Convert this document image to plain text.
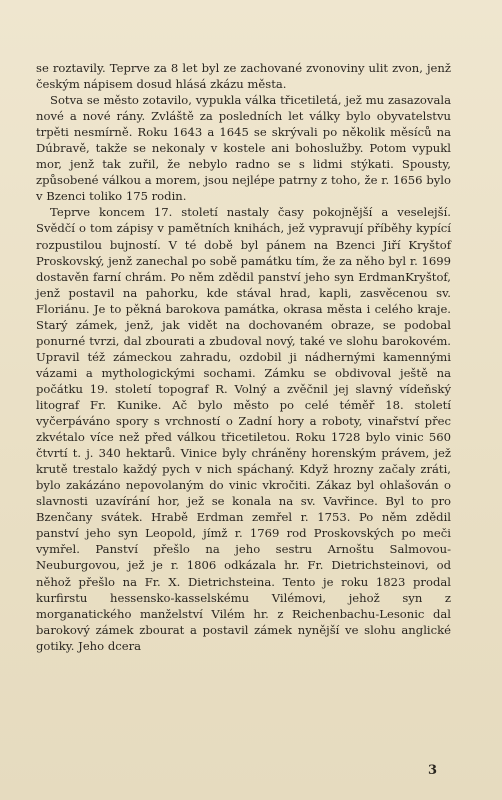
se roztavily. Teprve za 8 let byl ze zachované zvonoviny ulit zvon, jenž českým nápisem dosud hlásá zkázu města.

Sotva se město zotavilo, vypukla válka třicetiletá, jež mu zasazovala nové a nové rány. Zvláště za posledních let války bylo obyvatelstvu trpěti nesmírně. Roku 1643 a 1645 se skrývali po několik měsíců na Dúbravě, takže se nekonaly v kostele ani bohoslužby. Potom vypukl mor, jenž tak zuřil, že nebylo radno se s lidmi stýkati. Spousty, způsobené válkou a morem, jsou nejlépe patrny z toho, že r. 1656 bylo v Bzenci toliko 175 rodin.

Teprve koncem 17. století nastaly časy pokojnější a veselejší. Svědčí o tom zápisy v pamětních knihách, jež vypravují příběhy kypící rozpustilou bujností. V té době byl pánem na Bzenci Jiří Kryštof Proskovský, jenž zanechal po sobě památku tím, že za něho byl r. 1699 dostavěn farní chrám. Po něm zdědil panství jeho syn ErdmanKryštof, jenž postavil na pahorku, kde stával hrad, kapli, zasvěcenou sv. Floriánu. Je to pěkná barokova památka, okrasa města i celého kraje. Starý zámek, jenž, jak vidět na dochovaném obraze, se podobal ponurné tvrzi, dal zbourati a zbudoval nový, také ve slohu barokovém. Upravil též zámeckou zahradu, ozdobil ji nádhernými kamennými vázami a mythologickými sochami. Zámku se obdivoval ještě na počátku 19. století topograf R. Volný a zvěčnil jej slavný vídeňský litograf Fr. Kunike. Ač bylo město po celé téměř 18. století vyčerpáváno spory s vrchností o Zadní hory a roboty, vinařství přec zkvétalo více než před válkou třicetiletou. Roku 1728 bylo vinic 560 čtvrtí t. j. 340 hektarů. Vinice byly chráněny horenským právem, jež krutě trestalo každý pych v nich spáchaný. Když hrozny začaly zráti, bylo zakázáno nepovolaným do vinic vkročiti. Zákaz byl ohlašován o slavnosti uzavírání hor, jež se konala na sv. Vavřince. Byl to pro Bzenčany svátek. Hrabě Erdman zemřel r. 1753. Po něm zdědil panství jeho syn Leopold, jímž r. 1769 rod Proskovských po meči vymřel. Panství přešlo na jeho sestru Arnoštu Salmovou-Neuburgovou, jež je r. 1806 odkázala hr. Fr. Dietrichsteinovi, od něhož přešlo na Fr. X. Dietrichsteina. Tento je roku 1823 prodal kurfirstu hessensko-kasselskému Vilémovi, jehož syn z morganatického manželství Vilém hr. z Reichenbachu-Lesonic dal barokový zámek zbourat a postavil zámek nynější ve slohu anglické gotiky. Jeho dcera

3
